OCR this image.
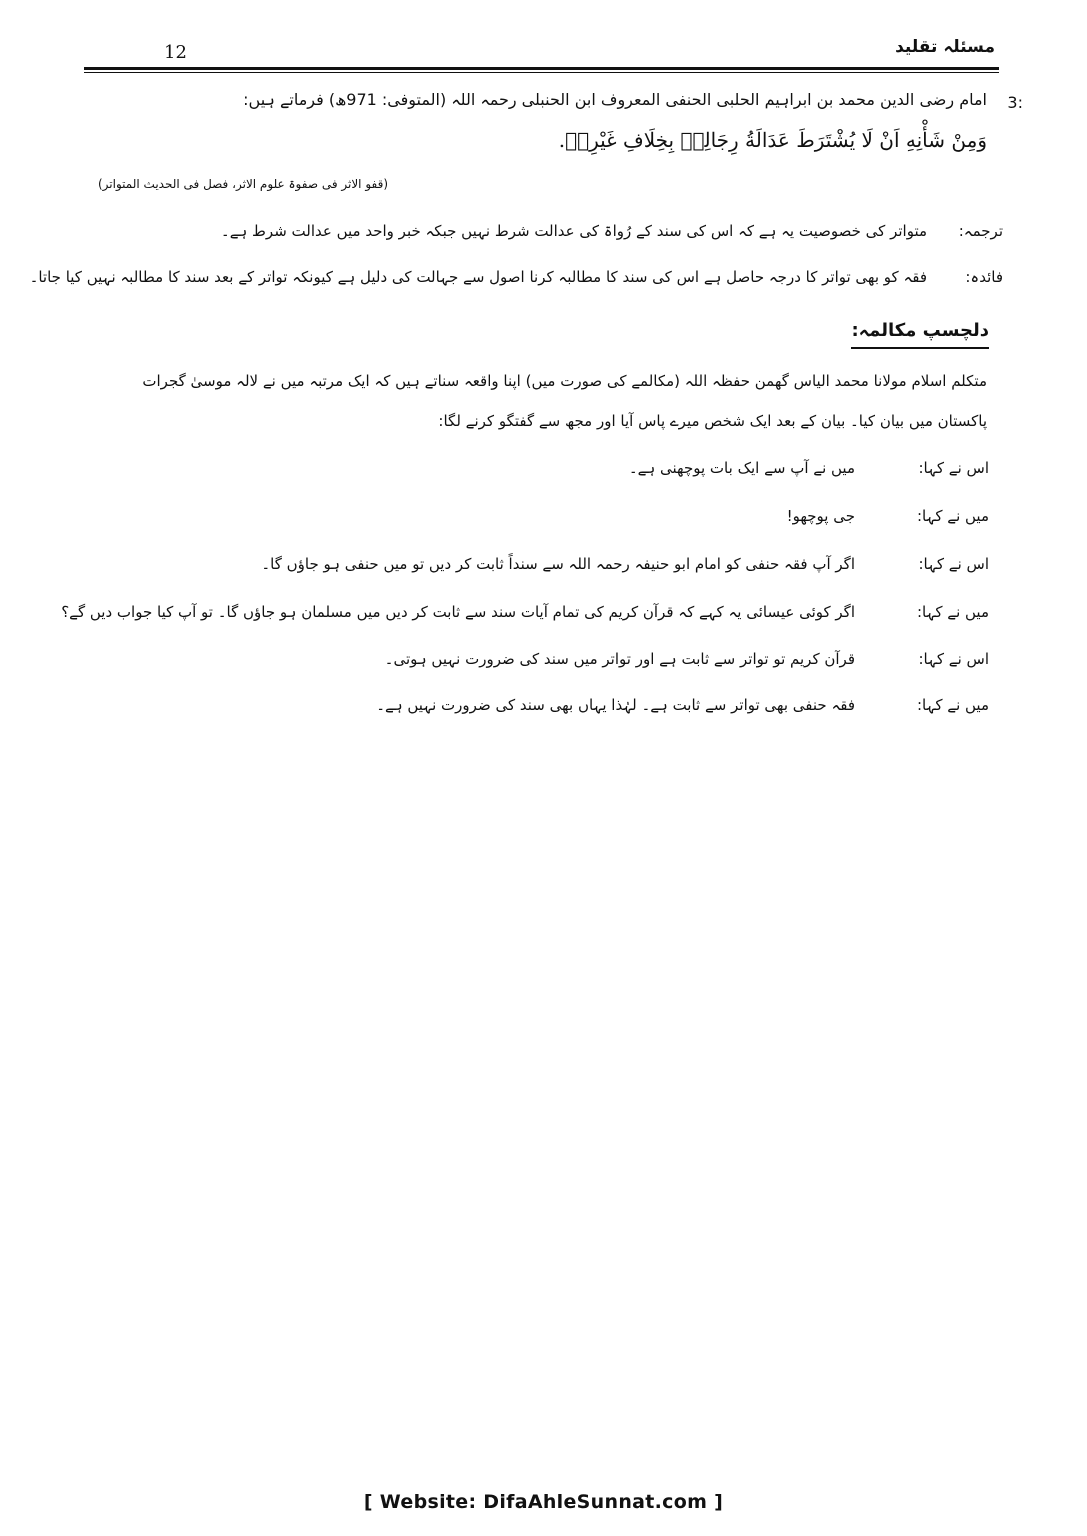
مسئلہ تقلید
12
3:
امام رضی الدین محمد بن ابراہیم الحلبی الحنفی المعروف ابن الحنبلی رحمہ اللہ (المتوفی: 971ھ) فرماتے ہیں:
وَمِنْ شَأْنِهِ اَنْ لَا يُشْتَرَطَ عَدَالَةُ رِجَالِهٖ بِخِلَافِ غَيْرِهٖ.
(قفو الاثر فی صفوۃ علوم الاثر، فصل فی الحدیث المتواتر)
ترجمہ:
متواتر کی خصوصیت یہ ہے کہ اس کی سند کے رُواۃ کی عدالت شرط نہیں جبکہ خبر واحد میں عدالت شرط ہے۔
فائدہ:
فقہ کو بھی تواتر کا درجہ حاصل ہے اس کی سند کا مطالبہ کرنا اصول سے جہالت کی دلیل ہے کیونکہ تواتر کے بعد سند کا مطالبہ نہیں کیا جاتا۔
دلچسپ مکالمہ:
متکلم اسلام مولانا محمد الیاس گھمن حفظہ اللہ (مکالمے کی صورت میں) اپنا واقعہ سناتے ہیں کہ ایک مرتبہ میں نے لالہ موسیٰ گجرات
پاکستان میں بیان کیا۔ بیان کے بعد ایک شخص میرے پاس آیا اور مجھ سے گفتگو کرنے لگا:
اس نے کہا:
میں نے آپ سے ایک بات پوچھنی ہے۔
میں نے کہا:
جی پوچھو!
اس نے کہا:
اگر آپ فقہ حنفی کو امام ابو حنیفہ رحمہ اللہ سے سنداً ثابت کر دیں تو میں حنفی ہو جاؤں گا۔
میں نے کہا:
اگر کوئی عیسائی یہ کہے کہ قرآن کریم کی تمام آیات سند سے ثابت کر دیں میں مسلمان ہو جاؤں گا۔ تو آپ کیا جواب دیں گے؟
اس نے کہا:
قرآن کریم تو تواتر سے ثابت ہے اور تواتر میں سند کی ضرورت نہیں ہوتی۔
میں نے کہا:
فقہ حنفی بھی تواتر سے ثابت ہے۔ لہٰذا یہاں بھی سند کی ضرورت نہیں ہے۔
[ Website: DifaAhleSunnat.com ]
